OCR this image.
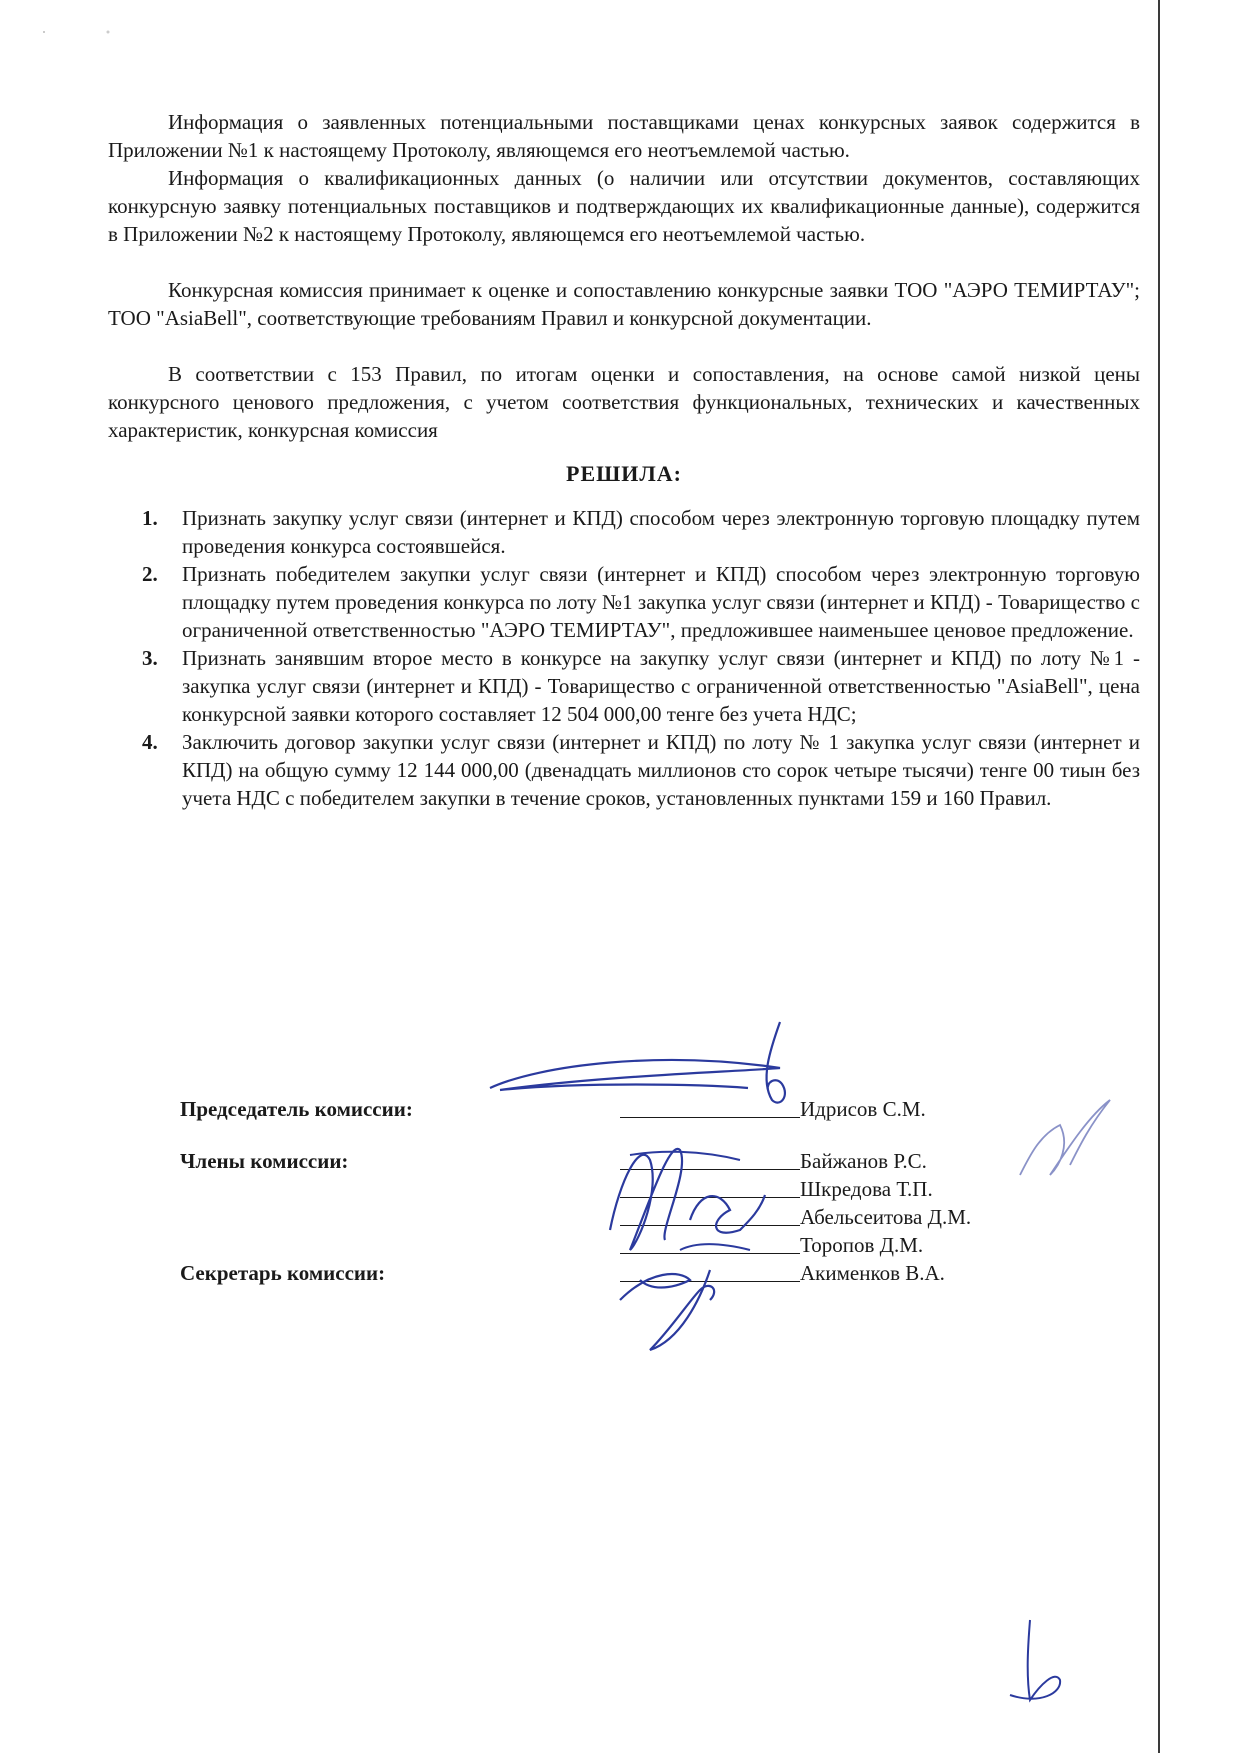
Информация о заявленных потенциальными поставщиками ценах конкурсных заявок содержится в Приложении №1 к настоящему Протоколу, являющемся его неотъемлемой частью.

Информация о квалификационных данных (о наличии или отсутствии документов, составляющих конкурсную заявку потенциальных поставщиков и подтверждающих их квалификационные данные), содержится в Приложении №2 к настоящему Протоколу, являющемся его неотъемлемой частью.

Конкурсная комиссия принимает к оценке и сопоставлению конкурсные заявки ТОО "АЭРО ТЕМИРТАУ"; ТОО "AsiaBell", соответствующие требованиям Правил и конкурсной документации.

В соответствии с 153 Правил, по итогам оценки и сопоставления, на основе самой низкой цены конкурсного ценового предложения, с учетом соответствия функциональных, технических и качественных характеристик, конкурсная комиссия

РЕШИЛА:
1. Признать закупку услуг связи (интернет и КПД) способом через электронную торговую площадку путем проведения конкурса состоявшейся.
2. Признать победителем закупки услуг связи (интернет и КПД) способом через электронную торговую площадку путем проведения конкурса по лоту №1 закупка услуг связи (интернет и КПД) - Товарищество с ограниченной ответственностью "АЭРО ТЕМИРТАУ", предложившее наименьшее ценовое предложение.
3. Признать занявшим второе место в конкурсе на закупку услуг связи (интернет и КПД) по лоту №1 - закупка услуг связи (интернет и КПД) - Товарищество с ограниченной ответственностью "AsiaBell", цена конкурсной заявки которого составляет 12 504 000,00 тенге без учета НДС;
4. Заключить договор закупки услуг связи (интернет и КПД) по лоту № 1 закупка услуг связи (интернет и КПД) на общую сумму 12 144 000,00 (двенадцать миллионов сто сорок четыре тысячи) тенге 00 тиын без учета НДС с победителем закупки в течение сроков, установленных пунктами 159 и 160 Правил.
Председатель комиссии:	Идрисов С.М.
Члены комиссии:	Байжанов Р.С.
Шкредова Т.П.
Абельсеитова Д.М.
Торопов Д.М.
Секретарь комиссии:	Акименков В.А.
